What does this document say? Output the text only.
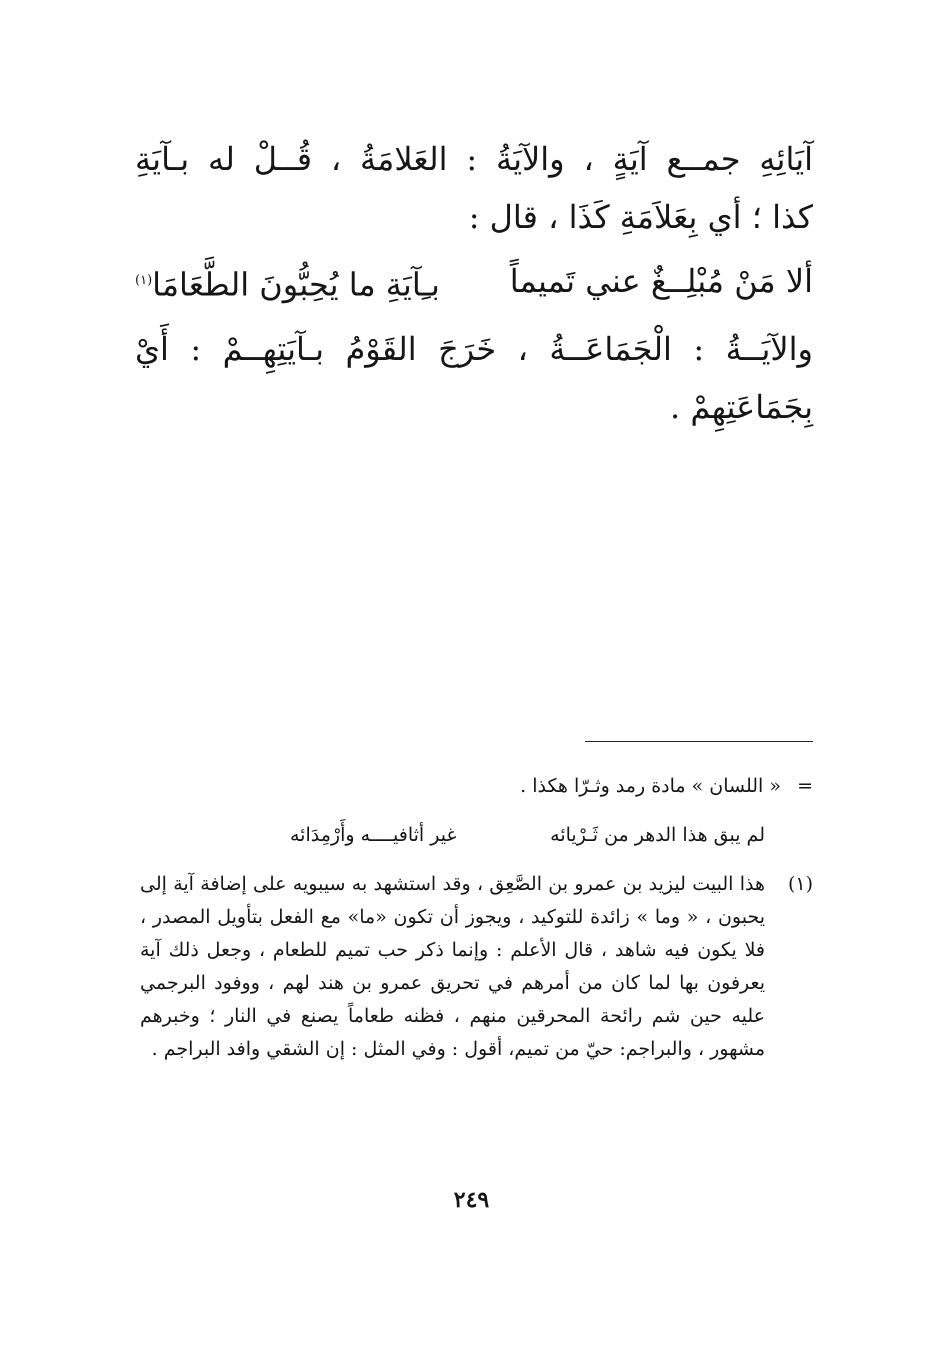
آيَائِهِ جمــع آيَةٍ ، والآيَةُ : العَلامَةُ ، قُــلْ له بـآيَةِ

كذا ؛ أي بِعَلاَمَةِ كَذَا ، قال :

ألا مَنْ مُبْلِــغٌ عني تَميماً
بـِآيَةِ ما يُحِبُّونَ الطَّعَامَا$^{(١)}$

والآيَــةُ : الْجَمَاعَــةُ ، خَرَجَ القَوْمُ بـآيَتِهِــمْ : أَيْ

بِجَمَاعَتِهِمْ .

=
« اللسان » مادة رمد وثـرّا هكذا .
لم يبق هذا الدهر من ثَـرْيائه
غير أثافيــــه وأَرْمِدَائه
(١)
هذا البيت ليزيد بن عمرو بن الصَّعِق ، وقد استشهد به سيبويه على إضافة آية إلى يحبون ، « وما » زائدة للتوكيد ، ويجوز أن تكون «ما» مع الفعل بتأويل المصدر ، فلا يكون فيه شاهد ، قال الأعلم : وإنما ذكر حب تميم للطعام ، وجعل ذلك آية يعرفون بها لما كان من أمرهم في تحريق عمرو بن هند لهم ، ووفود البرجمي عليه حين شم رائحة المحرقين منهم ، فظنه طعاماً يصنع في النار ؛ وخبرهم مشهور ، والبراجم: حيّ من تميم، أقول : وفي المثل : إن الشقي وافد البراجم .
٢٤٩
